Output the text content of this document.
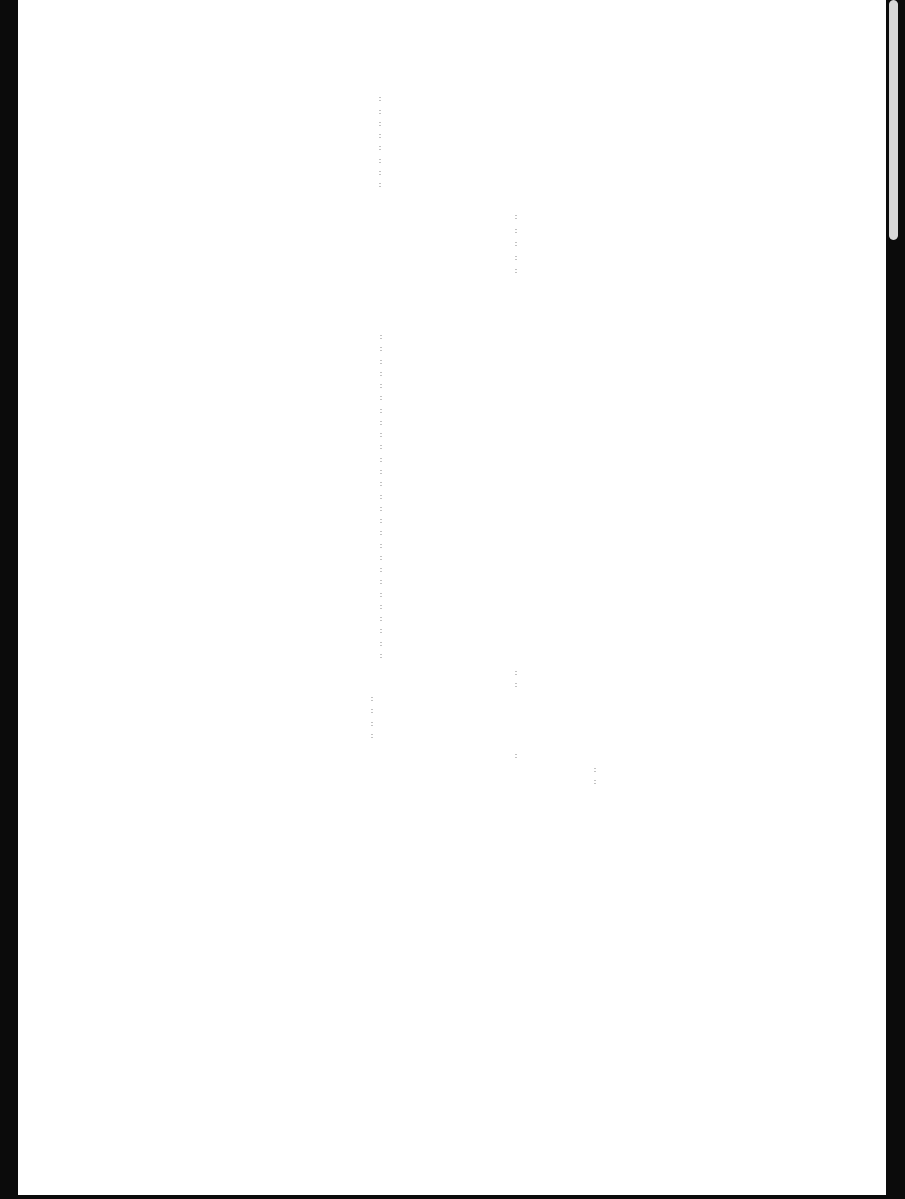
:
:
:
:
:
:
:
:
:
:
:
:
:
:
:
:
:
:
:
:
:
:
:
:
:
:
:
:
:
:
:
:
:
:
:
:
:
:
:
:
:
:
:
:
:
:
:
:
:
